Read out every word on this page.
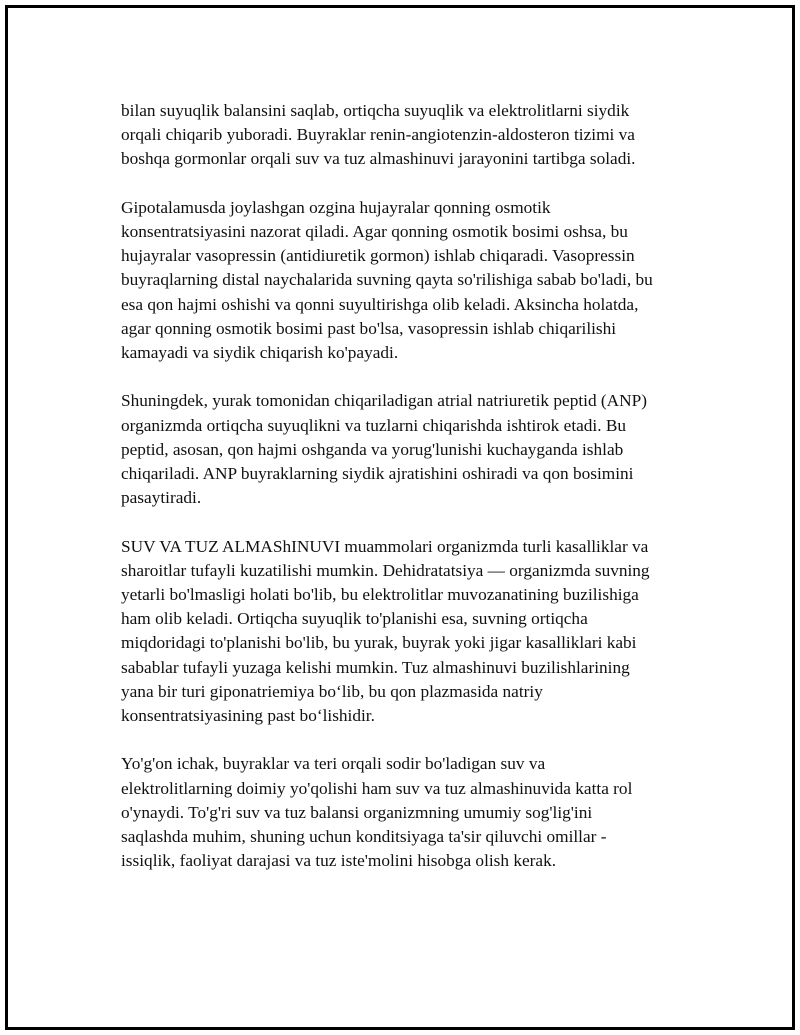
bilan suyuqlik balansini saqlab, ortiqcha suyuqlik va elektrolitlarni siydik
orqali chiqarib yuboradi. Buyraklar renin-angiotenzin-aldosteron tizimi va
boshqa gormonlar orqali suv va tuz almashinuvi jarayonini tartibga soladi.

Gipotalamusda joylashgan ozgina hujayralar qonning osmotik
konsentratsiyasini nazorat qiladi. Agar qonning osmotik bosimi oshsa, bu
hujayralar vasopressin (antidiuretik gormon) ishlab chiqaradi. Vasopressin
buyraqlarning distal naychalarida suvning qayta so'rilishiga sabab bo'ladi, bu
esa qon hajmi oshishi va qonni suyultirishga olib keladi. Aksincha holatda,
agar qonning osmotik bosimi past bo'lsa, vasopressin ishlab chiqarilishi
kamayadi va siydik chiqarish ko'payadi.

Shuningdek, yurak tomonidan chiqariladigan atrial natriuretik peptid (ANP)
organizmda ortiqcha suyuqlikni va tuzlarni chiqarishda ishtirok etadi. Bu
peptid, asosan, qon hajmi oshganda va yorug'lunishi kuchayganda ishlab
chiqariladi. ANP buyraklarning siydik ajratishini oshiradi va qon bosimini
pasaytiradi.

SUV VA TUZ ALMAShINUVI muammolari organizmda turli kasalliklar va
sharoitlar tufayli kuzatilishi mumkin. Dehidratatsiya — organizmda suvning
yetarli bo'lmasligi holati bo'lib, bu elektrolitlar muvozanatining buzilishiga
ham olib keladi. Ortiqcha suyuqlik to'planishi esa, suvning ortiqcha
miqdoridagi to'planishi bo'lib, bu yurak, buyrak yoki jigar kasalliklari kabi
sabablar tufayli yuzaga kelishi mumkin. Tuz almashinuvi buzilishlarining
yana bir turi giponatriemiya bo‘lib, bu qon plazmasida natriy
konsentratsiyasining past bo‘lishidir.

Yo'g'on ichak, buyraklar va teri orqali sodir bo'ladigan suv va
elektrolitlarning doimiy yo'qolishi ham suv va tuz almashinuvida katta rol
o'ynaydi. To'g'ri suv va tuz balansi organizmning umumiy sog'lig'ini
saqlashda muhim, shuning uchun konditsiyaga ta'sir qiluvchi omillar -
issiqlik, faoliyat darajasi va tuz iste'molini hisobga olish kerak.
